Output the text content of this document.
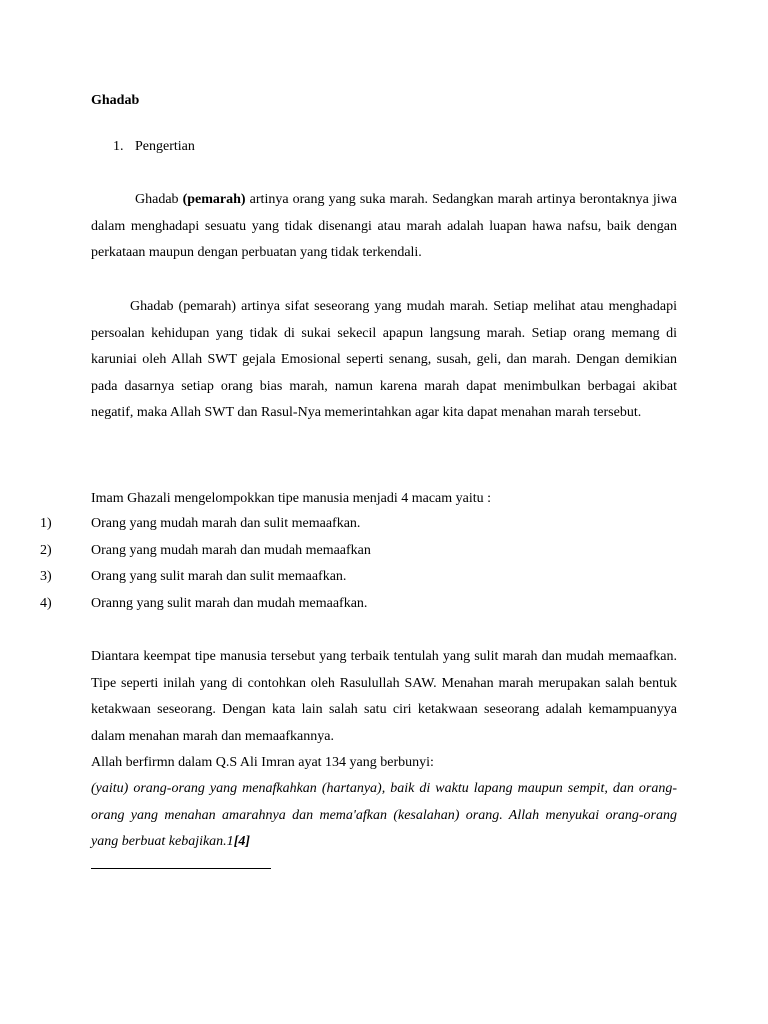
Ghadab
1. Pengertian

Ghadab (pemarah) artinya orang yang suka marah. Sedangkan marah artinya berontaknya jiwa dalam menghadapi sesuatu yang tidak disenangi atau marah adalah luapan hawa nafsu, baik dengan perkataan maupun dengan perbuatan yang tidak terkendali.

Ghadab (pemarah) artinya sifat seseorang yang mudah marah. Setiap melihat atau menghadapi persoalan kehidupan yang tidak di sukai sekecil apapun langsung marah. Setiap orang memang di karuniai oleh Allah SWT gejala Emosional seperti senang, susah, geli, dan marah. Dengan demikian pada dasarnya setiap orang bias marah, namun karena marah dapat menimbulkan berbagai akibat negatif, maka Allah SWT dan Rasul-Nya memerintahkan agar kita dapat menahan marah tersebut.

Imam Ghazali mengelompokkan tipe manusia menjadi 4 macam yaitu :

1)	Orang yang mudah marah dan sulit memaafkan.
2)	Orang yang mudah marah dan mudah memaafkan
3)	Orang yang sulit marah dan sulit memaafkan.
4)	Oranng yang sulit marah dan mudah memaafkan.

Diantara keempat tipe manusia tersebut yang terbaik tentulah yang sulit marah dan mudah memaafkan. Tipe seperti inilah yang di contohkan oleh Rasulullah SAW. Menahan marah merupakan salah bentuk ketakwaan seseorang. Dengan kata lain salah satu ciri ketakwaan seseorang adalah kemampuanyya dalam menahan marah dan memaafkannya.

Allah berfirmn dalam Q.S Ali Imran ayat 134 yang berbunyi:

(yaitu) orang-orang yang menafkahkan (hartanya), baik di waktu lapang maupun sempit, dan orang-orang yang menahan amarahnya dan mema'afkan (kesalahan) orang. Allah menyukai orang-orang yang berbuat kebajikan.1[4]
